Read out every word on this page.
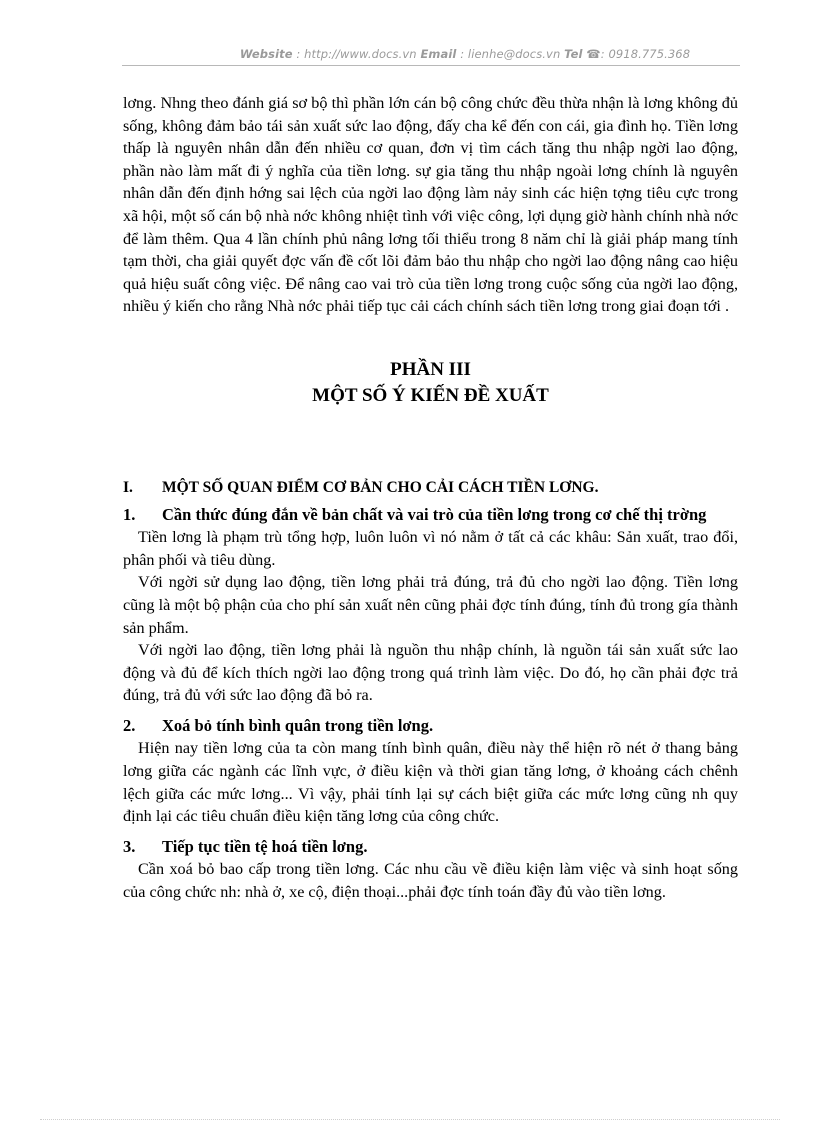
Website : http://www.docs.vn Email : lienhe@docs.vn Tel ☎: 0918.775.368

lơng. Nhng theo đánh giá sơ bộ thì phần lớn cán bộ công chức đều thừa nhận là lơng không đủ sống, không đảm bảo tái sản xuất sức lao động, đấy cha kể đến con cái, gia đình họ. Tiền lơng thấp là nguyên nhân dẫn đến nhiều cơ quan, đơn vị tìm cách tăng thu nhập ngời lao động, phần nào làm mất đi ý nghĩa của tiền lơng. sự gia tăng thu nhập ngoài lơng chính là nguyên nhân dẫn đến định hớng sai lệch của ngời lao động làm nảy sinh các hiện tợng tiêu cực trong xã hội, một số cán bộ nhà nớc không nhiệt tình với việc công, lợi dụng giờ hành chính nhà nớc để làm thêm. Qua 4 lần chính phủ nâng lơng tối thiểu trong 8 năm chỉ là giải pháp mang tính tạm thời, cha giải quyết đợc vấn đề cốt lõi đảm bảo thu nhập cho ngời lao động nâng cao hiệu quả hiệu suất công việc. Để nâng cao vai trò của tiền lơng trong cuộc sống của ngời lao động, nhiều ý kiến cho rằng Nhà nớc phải tiếp tục cải cách chính sách tiền lơng trong giai đoạn tới .

PHẦN III
MỘT SỐ Ý KIẾN ĐỀ XUẤT
I. MỘT SỐ QUAN ĐIỂM CƠ BẢN CHO CẢI CÁCH TIỀN LƠNG.
1. Cần thức đúng đắn về bản chất và vai trò của tiền lơng trong cơ chế thị trờng

Tiền lơng là phạm trù tổng hợp, luôn luôn vì nó nằm ở tất cả các khâu: Sản xuất, trao đổi, phân phối và tiêu dùng.

Với ngời sử dụng lao động, tiền lơng phải trả đúng, trả đủ cho ngời lao động. Tiền lơng cũng là một bộ phận của cho phí sản xuất nên cũng phải đợc tính đúng, tính đủ trong gía thành sản phẩm.

Với ngời lao động, tiền lơng phải là nguồn thu nhập chính, là nguồn tái sản xuất sức lao động và đủ để kích thích ngời lao động trong quá trình làm việc. Do đó, họ cần phải đợc trả đúng, trả đủ với sức lao động đã bỏ ra.

2. Xoá bỏ tính bình quân trong tiền lơng.

Hiện nay tiền lơng của ta còn mang tính bình quân, điều này thể hiện rõ nét ở thang bảng lơng giữa các ngành các lĩnh vực, ở điều kiện và thời gian tăng lơng, ở khoảng cách chênh lệch giữa các mức lơng... Vì vậy, phải tính lại sự cách biệt giữa các mức lơng cũng nh quy định lại các tiêu chuẩn điều kiện tăng lơng của công chức.

3. Tiếp tục tiền tệ hoá tiền lơng.

Cần xoá bỏ bao cấp trong tiền lơng. Các nhu cầu về điều kiện làm việc và sinh hoạt sống của công chức nh: nhà ở, xe cộ, điện thoại...phải đợc tính toán đầy đủ vào tiền lơng.
